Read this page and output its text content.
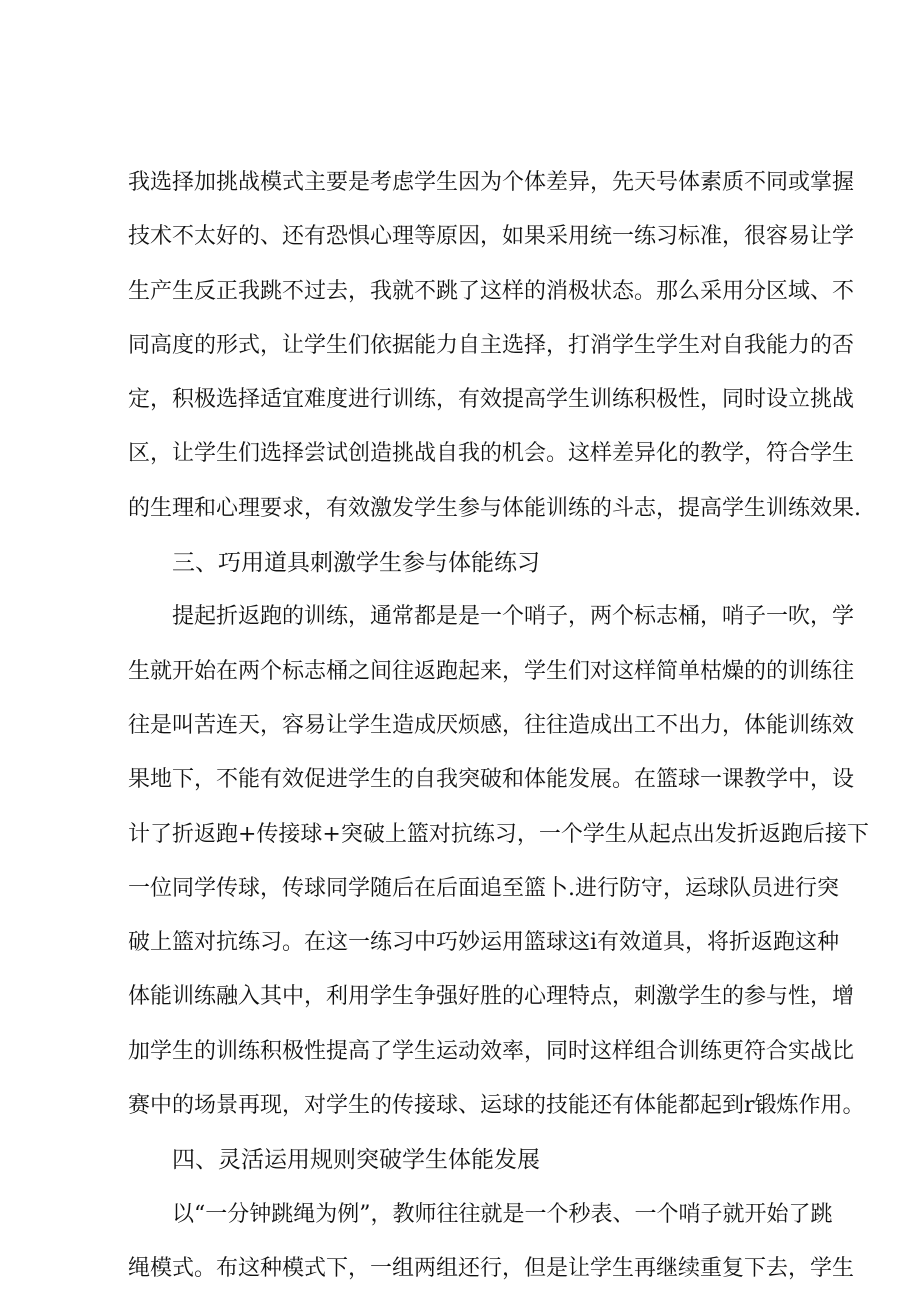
我选择加挑战模式主要是考虑学生因为个体差异，先天号体素质不同或掌握
技术不太好的、还有恐惧心理等原因，如果采用统一练习标准，很容易让学
生产生反正我跳不过去，我就不跳了这样的消极状态。那么采用分区域、不
同高度的形式，让学生们依据能力自主选择，打消学生学生对自我能力的否
定，积极选择适宜难度进行训练，有效提高学生训练积极性，同时设立挑战
区，让学生们选择尝试创造挑战自我的机会。这样差异化的教学，符合学生
的生理和心理要求，有效激发学生参与体能训练的斗志，提高学生训练效果.
三、巧用道具刺激学生参与体能练习
提起折返跑的训练，通常都是是一个哨子，两个标志桶，哨子一吹，学
生就开始在两个标志桶之间往返跑起来，学生们对这样简单枯燥的的训练往
往是叫苦连天，容易让学生造成厌烦感，往往造成出工不出力，体能训练效
果地下，不能有效促进学生的自我突破和体能发展。在篮球一课教学中，设
计了折返跑+传接球+突破上篮对抗练习，一个学生从起点出发折返跑后接下
一位同学传球，传球同学随后在后面追至篮卜.进行防守，运球队员进行突
破上篮对抗练习。在这一练习中巧妙运用篮球这i有效道具，将折返跑这种
体能训练融入其中，利用学生争强好胜的心理特点，刺激学生的参与性，增
加学生的训练积极性提高了学生运动效率，同时这样组合训练更符合实战比
赛中的场景再现，对学生的传接球、运球的技能还有体能都起到r锻炼作用。
四、灵活运用规则突破学生体能发展
以“一分钟跳绳为例”，教师往往就是一个秒表、一个哨子就开始了跳
绳模式。布这种模式下，一组两组还行，但是让学生再继续重复下去，学生
